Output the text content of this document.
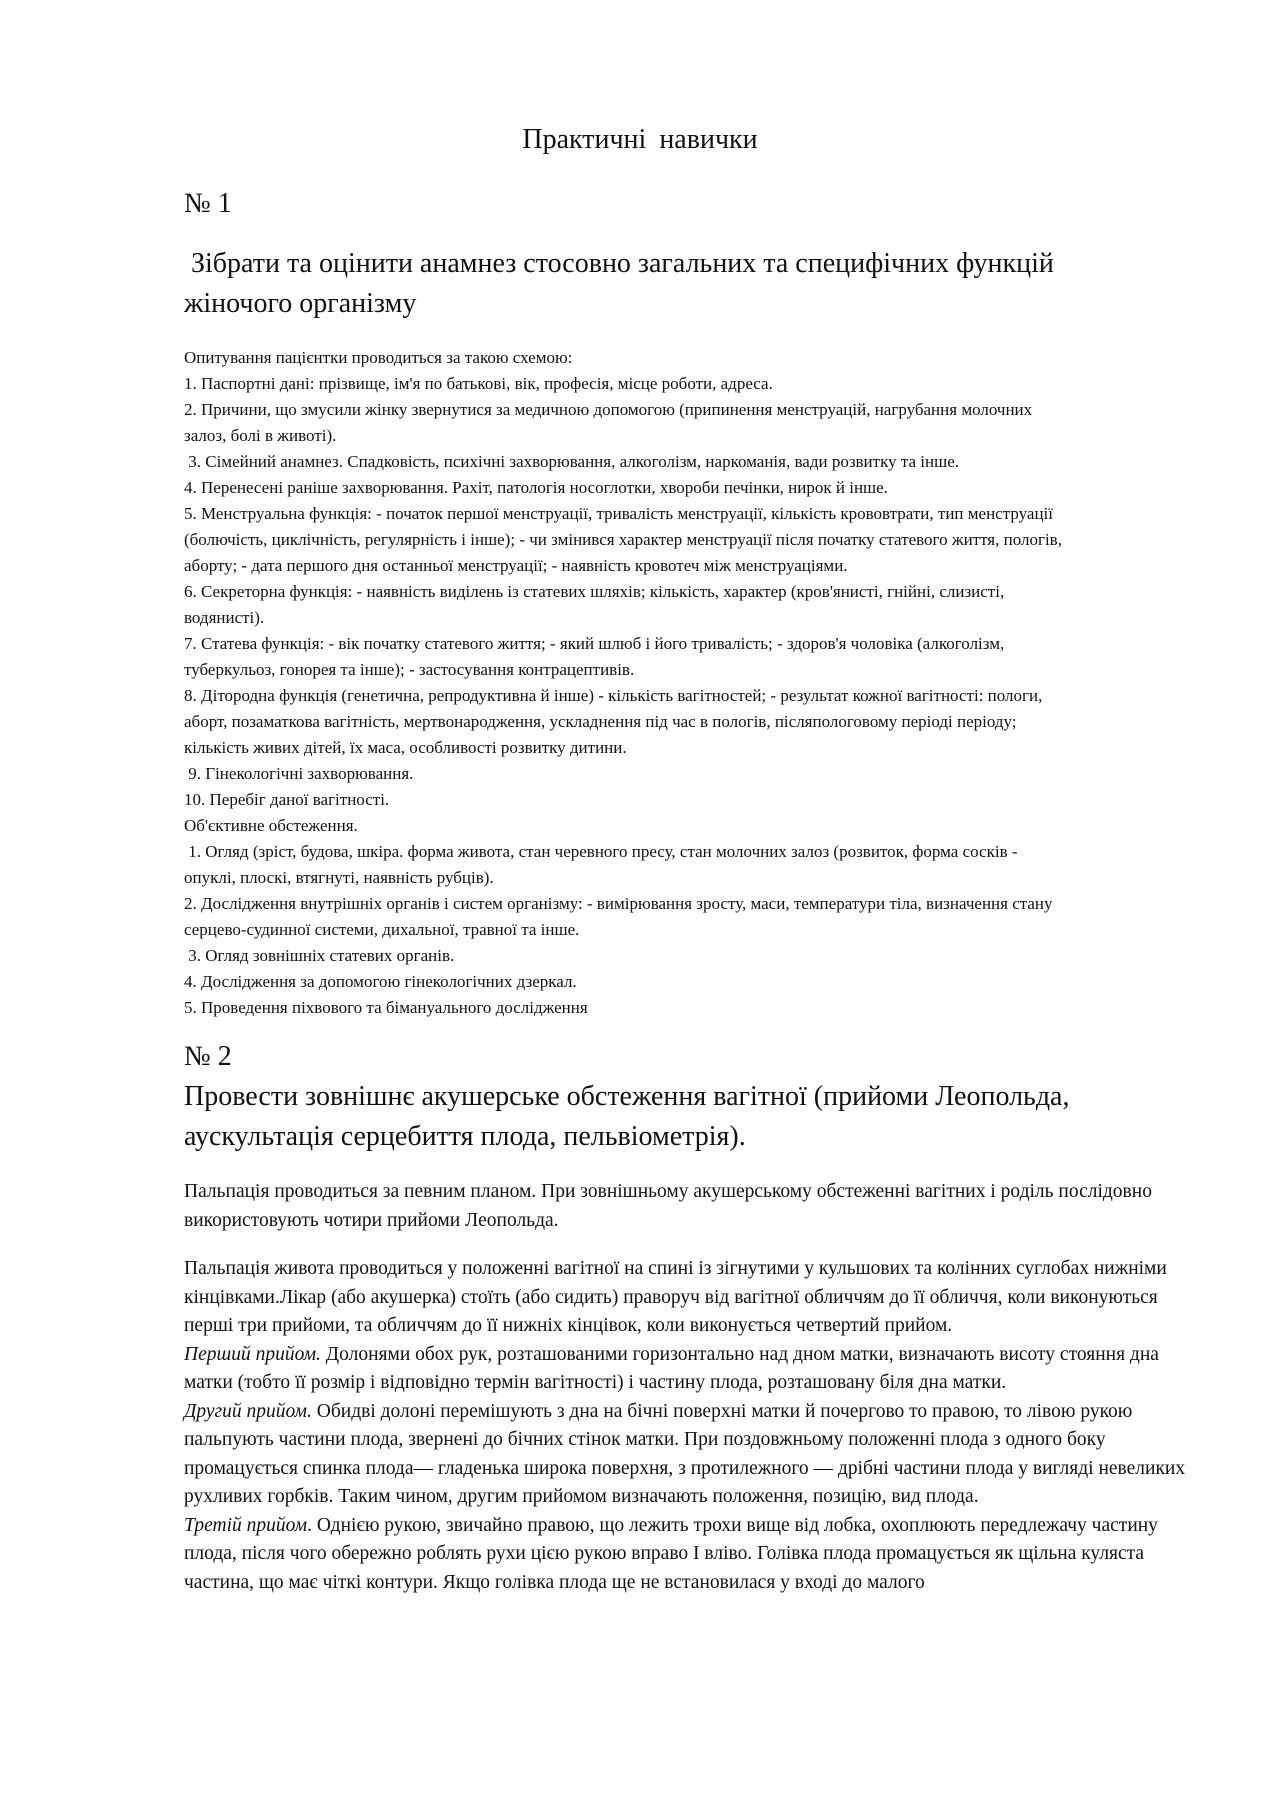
Практичні навички
№ 1
Зібрати та оцінити анамнез стосовно загальних та специфічних функцій
жіночого організму
Опитування пацієнтки проводиться за такою схемою:
1. Паспортні дані: прізвище, ім'я по батькові, вік, професія, місце роботи, адреса.
2. Причини, що змусили жінку звернутися за медичною допомогою (припинення менструацій, нагрубання молочних
залоз, болі в животі).
3. Сімейний анамнез. Спадковість, психічні захворювання, алкоголізм, наркоманія, вади розвитку та інше.
4. Перенесені раніше захворювання. Рахіт, патологія носоглотки, хвороби печінки, нирок й інше.
5. Менструальна функція: - початок першої менструації, тривалість менструації, кількість крововтрати, тип менструації
(болючість, циклічність, регулярність і інше); - чи змінився характер менструації після початку статевого життя, пологів,
аборту; - дата першого дня останньої менструації; - наявність кровотеч між менструаціями.
6. Секреторна функція: - наявність виділень із статевих шляхів; кількість, характер (кров'янисті, гнійні, слизисті,
водянисті).
7. Статева функція: - вік початку статевого життя; - який шлюб і його тривалість; - здоров'я чоловіка (алкоголізм,
туберкульоз, гонорея та інше); - застосування контрацептивів.
8. Дітородна функція (генетична, репродуктивна й інше) - кількість вагітностей; - результат кожної вагітності: пологи,
аборт, позаматкова вагітність, мертвонародження, ускладнення під час в пологів, післяпологовому періоді періоду;
кількість живих дітей, їх маса, особливості розвитку дитини.
9. Гінекологічні захворювання.
10. Перебіг даної вагітності.
Об'єктивне обстеження.
1. Огляд (зріст, будова, шкіра. форма живота, стан черевного пресу, стан молочних залоз (розвиток, форма сосків -
опуклі, плоскі, втягнуті, наявність рубців).
2. Дослідження внутрішніх органів і систем організму: - вимірювання зросту, маси, температури тіла, визначення стану
серцево-судинної системи, дихальної, травної та інше.
3. Огляд зовнішніх статевих органів.
4. Дослідження за допомогою гінекологічних дзеркал.
5. Проведення піхвового та бімануального дослідження
№ 2
Провести зовнішнє акушерське обстеження вагітної (прийоми Леопольда, аускультація серцебиття плода, пельвіометрія).

Пальпація проводиться за певним планом. При зовнішньому акушерському обстеженні вагітних і роділь послідовно використовують чотири прийоми Леопольда.

Пальпація живота проводиться у положенні вагітної на спині із зігнутими у кульшових та колінних суглобах нижніми кінцівками.Лікар (або акушерка) стоїть (або сидить) праворуч від вагітної обличчям до її обличчя, коли виконуються перші три прийоми, та обличчям до її нижніх кінцівок, коли виконується четвертий прийом.

Перший прийом. Долонями обох рук, розташованими горизонтально над дном матки, визначають висоту стояння дна матки (тобто її розмір і відповідно термін вагітності) і частину плода, розташовану біля дна матки.

Другий прийом. Обидві долоні перемішують з дна на бічні поверхні матки й почергово то правою, то лівою рукою пальпують частини плода, звернені до бічних стінок матки. При поздовжньому положенні плода з одного боку промацується спинка плода— гладенька широка поверхня, з протилежного — дрібні частини плода у вигляді невеликих рухливих горбків. Таким чином, другим прийомом визначають положення, позицію, вид плода.

Третій прийом. Однією рукою, звичайно правою, що лежить трохи вище від лобка, охоплюють передлежачу частину плода, після чого обережно роблять рухи цією рукою вправо І вліво. Голівка плода промацується як щільна куляста частина, що має чіткі контури. Якщо голівка плода ще не встановилася у вході до малого
